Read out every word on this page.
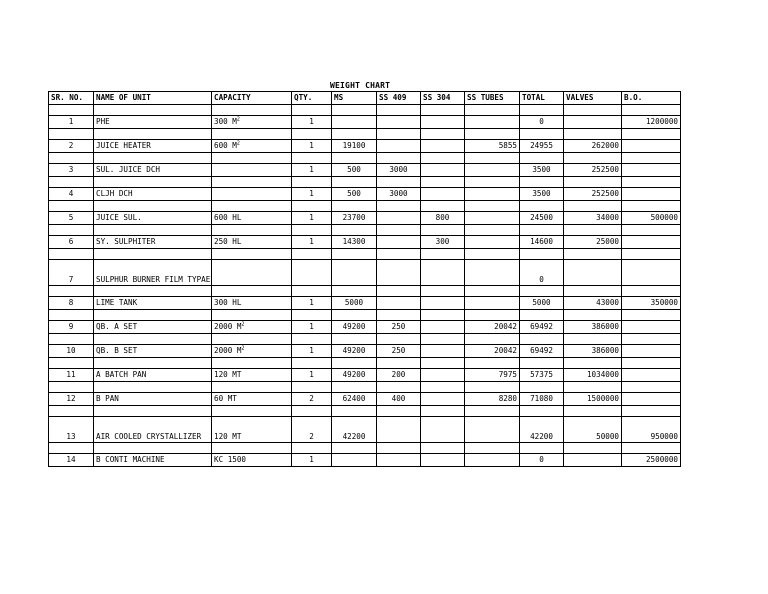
WEIGHT CHART
SR. NO.	NAME OF UNIT	CAPACITY	QTY.	MS	SS 409	SS 304	SS TUBES	TOTAL	VALVES	B.O.

1	PHE	300 $M^2$	1					0		1200000

2	JUICE HEATER	600 $M^2$	1	19100			5855	24955	262000	

3	SUL. JUICE DCH		1	500	3000			3500	252500	

4	CLJH DCH		1	500	3000			3500	252500	

5	JUICE SUL.	600 HL	1	23700		800		24500	34000	500000

6	SY. SULPHITER	250 HL	1	14300		300		14600	25000	

7	SULPHUR BURNER FILM TYPAE							0		

8	LIME TANK	300 HL	1	5000				5000	43000	350000

9	QB. A SET	2000 $M^2$	1	49200	250		20042	69492	386000	

10	QB. B SET	2000 $M^2$	1	49200	250		20042	69492	386000	

11	A BATCH PAN	120 MT	1	49200	200		7975	57375	1034000	

12	B PAN	60 MT	2	62400	400		8280	71080	1500000	

13	AIR COOLED CRYSTALLIZER	120 MT	2	42200				42200	50000	950000

14	B CONTI MACHINE	KC 1500	1					0		2500000
